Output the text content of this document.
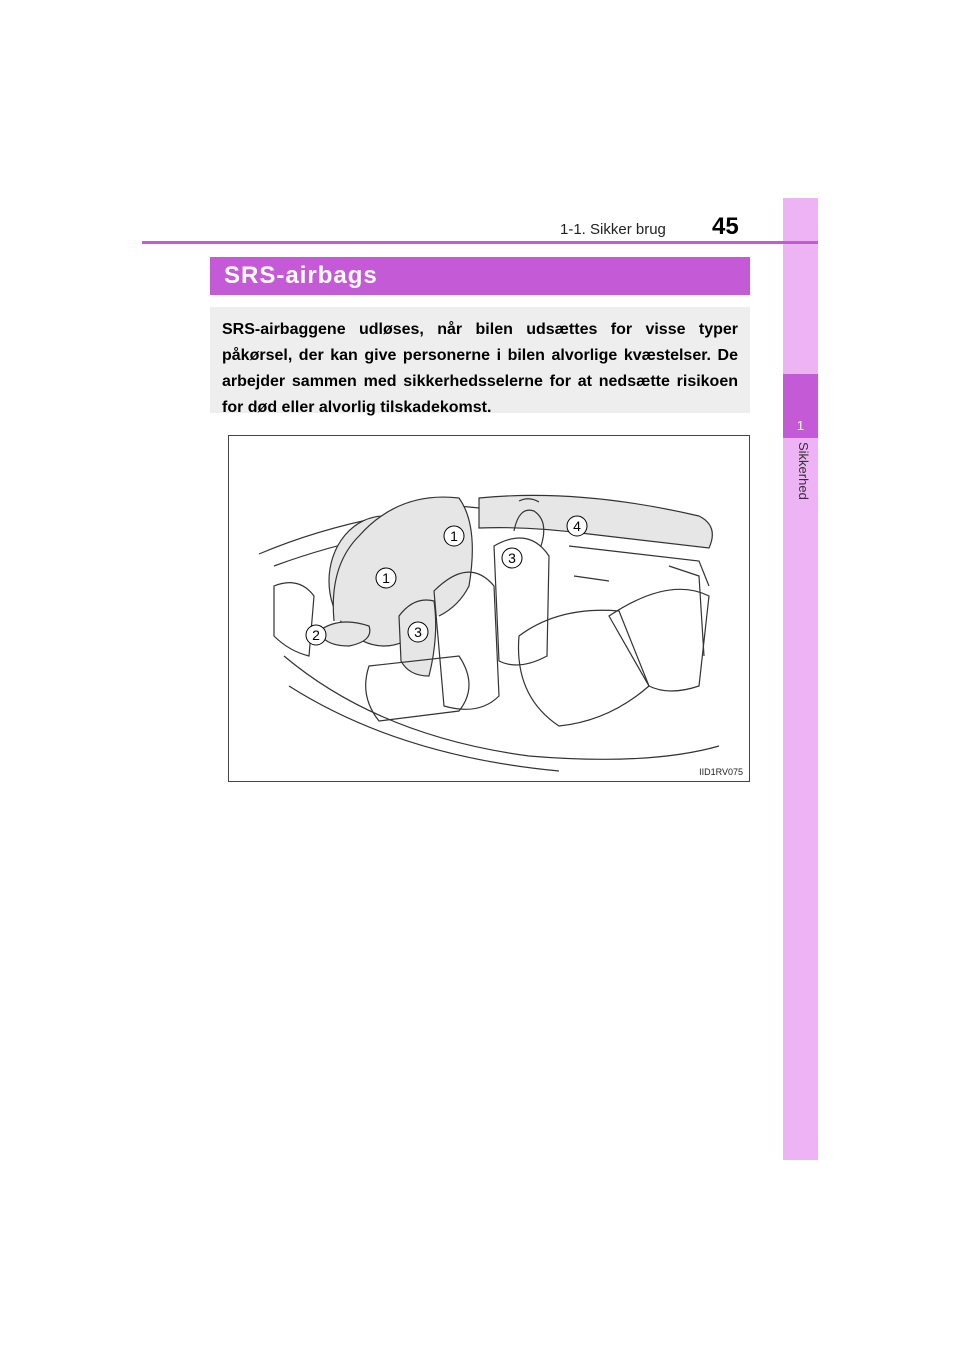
1
Sikkerhed
1-1. Sikker brug 45
SRS-airbags
SRS-airbaggene udløses, når bilen udsættes for visse typer påkørsel, der kan give personerne i bilen alvorlige kvæstelser. De arbejder sammen med sikkerhedsselerne for at nedsætte risikoen for død eller alvorlig tilskadekomst.
1
1
2
3
3
4
IID1RV075
